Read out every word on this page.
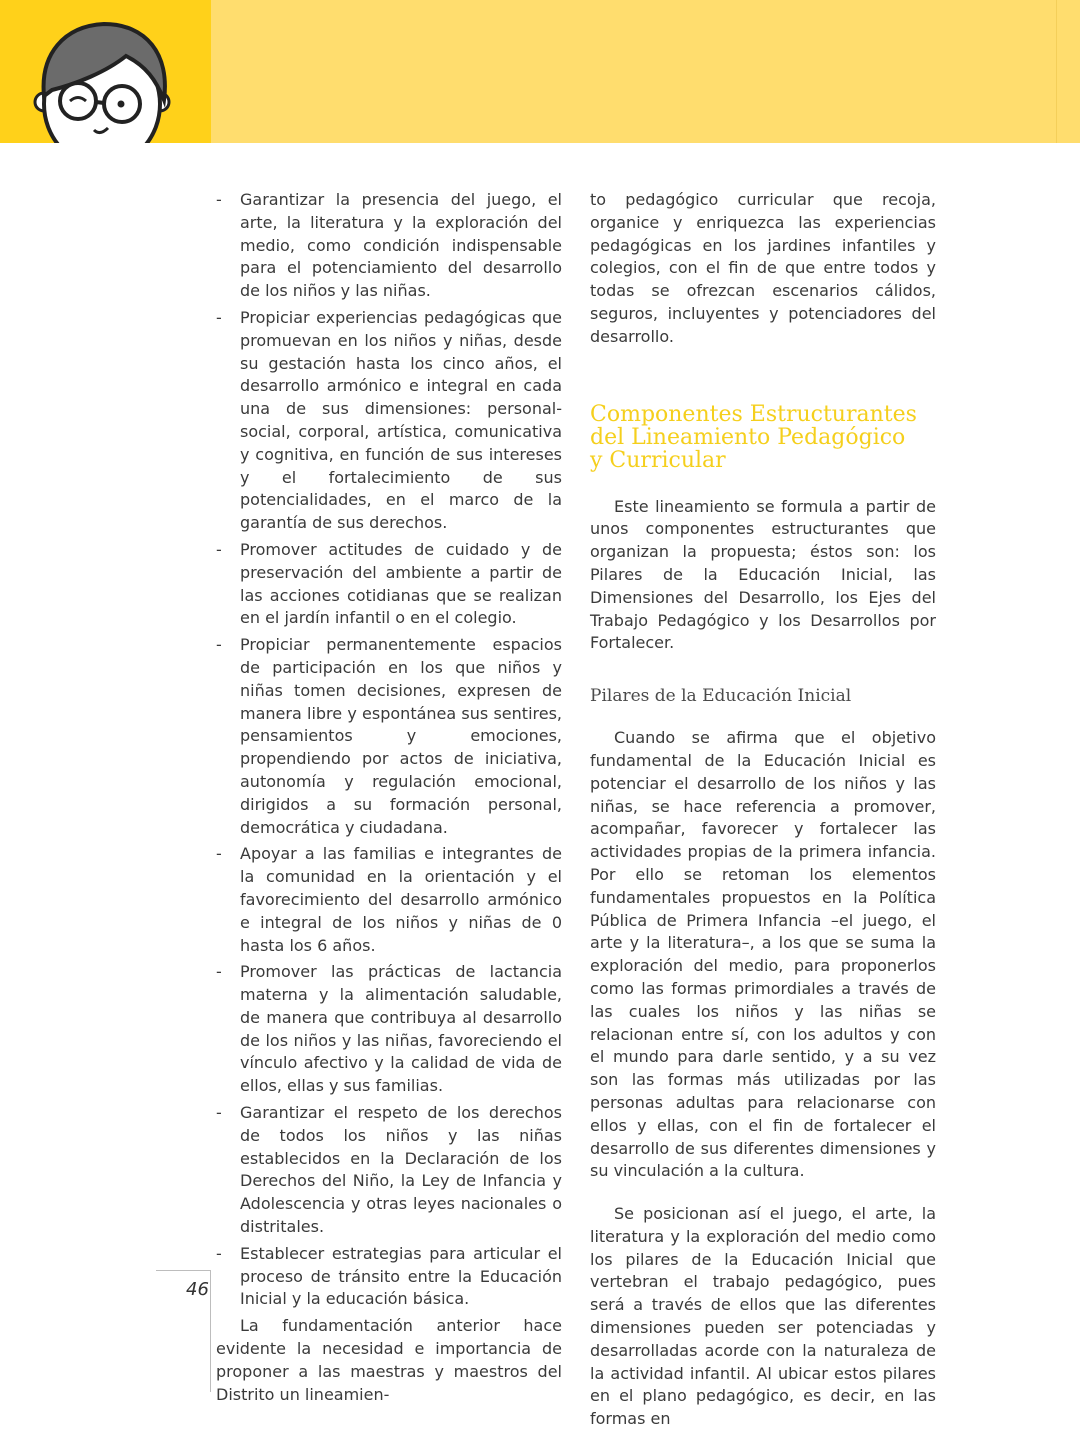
- Garantizar la presencia del juego, el arte, la literatura y la exploración del medio, como condición indispensable para el potenciamiento del desarrollo de los niños y las niñas.
- Propiciar experiencias pedagógicas que promuevan en los niños y niñas, desde su gestación hasta los cinco años, el desarrollo armónico e integral en cada una de sus dimensiones: personal-social, corporal, artística, comunicativa y cognitiva, en función de sus intereses y el fortalecimiento de sus potencialidades, en el marco de la garantía de sus derechos.
- Promover actitudes de cuidado y de preservación del ambiente a partir de las acciones cotidianas que se realizan en el jardín infantil o en el colegio.
- Propiciar permanentemente espacios de participación en los que niños y niñas tomen decisiones, expresen de manera libre y espontánea sus sentires, pensamientos y emociones, propendiendo por actos de iniciativa, autonomía y regulación emocional, dirigidos a su formación personal, democrática y ciudadana.
- Apoyar a las familias e integrantes de la comunidad en la orientación y el favorecimiento del desarrollo armónico e integral de los niños y niñas de 0 hasta los 6 años.
- Promover las prácticas de lactancia materna y la alimentación saludable, de manera que contribuya al desarrollo de los niños y las niñas, favoreciendo el vínculo afectivo y la calidad de vida de ellos, ellas y sus familias.
- Garantizar el respeto de los derechos de todos los niños y las niñas establecidos en la Declaración de los Derechos del Niño, la Ley de Infancia y Adolescencia y otras leyes nacionales o distritales.
- Establecer estrategias para articular el proceso de tránsito entre la Educación Inicial y la educación básica.

La fundamentación anterior hace evidente la necesidad e importancia de proponer a las maestras y maestros del Distrito un lineamien-

to pedagógico curricular que recoja, organice y enriquezca las experiencias pedagógicas en los jardines infantiles y colegios, con el fin de que entre todos y todas se ofrezcan escenarios cálidos, seguros, incluyentes y potenciadores del desarrollo.

Componentes Estructurantes
del Lineamiento Pedagógico
y Curricular

Este lineamiento se formula a partir de unos componentes estructurantes que organizan la propuesta; éstos son: los Pilares de la Educación Inicial, las Dimensiones del Desarrollo, los Ejes del Trabajo Pedagógico y los Desarrollos por Fortalecer.

Pilares de la Educación Inicial

Cuando se afirma que el objetivo fundamental de la Educación Inicial es potenciar el desarrollo de los niños y las niñas, se hace referencia a promover, acompañar, favorecer y fortalecer las actividades propias de la primera infancia. Por ello se retoman los elementos fundamentales propuestos en la Política Pública de Primera Infancia –el juego, el arte y la literatura–, a los que se suma la exploración del medio, para proponerlos como las formas primordiales a través de las cuales los niños y las niñas se relacionan entre sí, con los adultos y con el mundo para darle sentido, y a su vez son las formas más utilizadas por las personas adultas para relacionarse con ellos y ellas, con el fin de fortalecer el desarrollo de sus diferentes dimensiones y su vinculación a la cultura.

Se posicionan así el juego, el arte, la literatura y la exploración del medio como los pilares de la Educación Inicial que vertebran el trabajo pedagógico, pues será a través de ellos que las diferentes dimensiones pueden ser potenciadas y desarrolladas acorde con la naturaleza de la actividad infantil. Al ubicar estos pilares en el plano pedagógico, es decir, en las formas en

46
